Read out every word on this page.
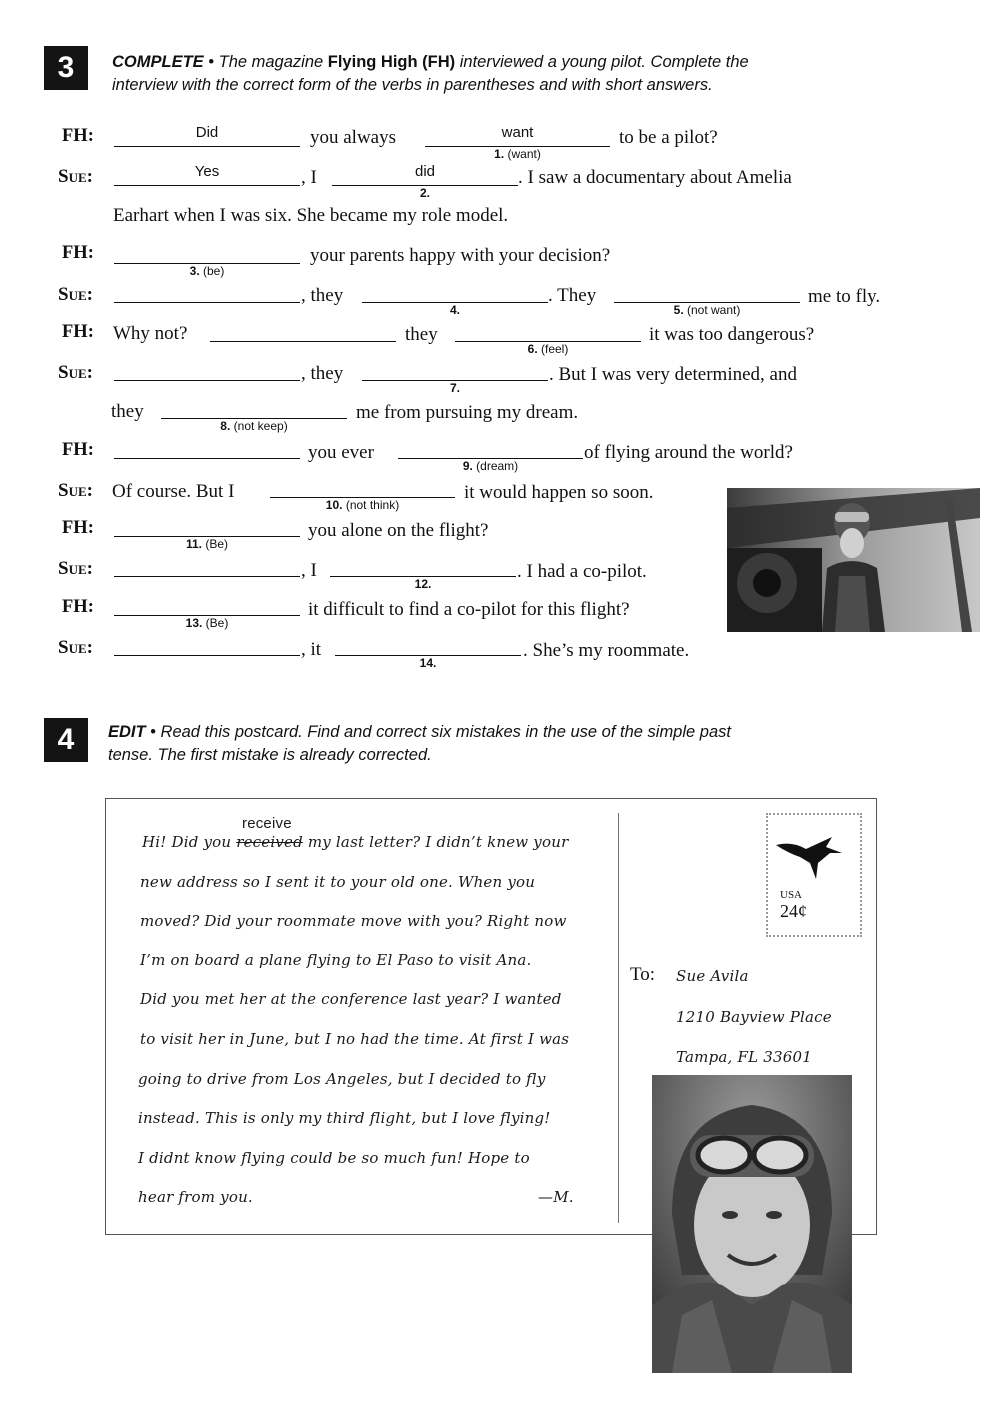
3 COMPLETE • The magazine Flying High (FH) interviewed a young pilot. Complete the
interview with the correct form of the verbs in parentheses and with short answers.
FH:	Did	you always	want
1. (want)
to be a pilot?
Sue:	Yes	, I	did
2.
. I saw a documentary about Amelia
Earhart when I was six. She became my role model.
FH:
3. (be)
your parents happy with your decision?
Sue:	, they
4.
. They
5. (not want)
me to fly.
FH: Why not?	they
6. (feel)
it was too dangerous?
Sue:	, they
7.
. But I was very determined, and
they
8. (not keep)
me from pursuing my dream.
FH:	you ever
9. (dream)
of flying around the world?
Sue: Of course. But I
10. (not think)
it would happen so soon.
FH:
11. (Be)
you alone on the flight?
Sue:	, I
12.
. I had a co-pilot.
FH:
13. (Be)
it difficult to find a co-pilot for this flight?
Sue:	, it
14.
. She’s my roommate.
4 EDIT • Read this postcard. Find and correct six mistakes in the use of the simple past
tense. The first mistake is already corrected.
receive
Hi! Did you received my last letter? I didn’t knew your
new address so I sent it to your old one. When you
moved? Did your roommate move with you? Right now
I’m on board a plane flying to El Paso to visit Ana.
Did you met her at the conference last year? I wanted
to visit her in June, but I no had the time. At first I was
going to drive from Los Angeles, but I decided to fly
instead. This is only my third flight, but I love flying!
I didnt know flying could be so much fun! Hope to
hear from you.	—M.
USA
24¢
To: Sue Avila
1210 Bayview Place
Tampa, FL 33601
